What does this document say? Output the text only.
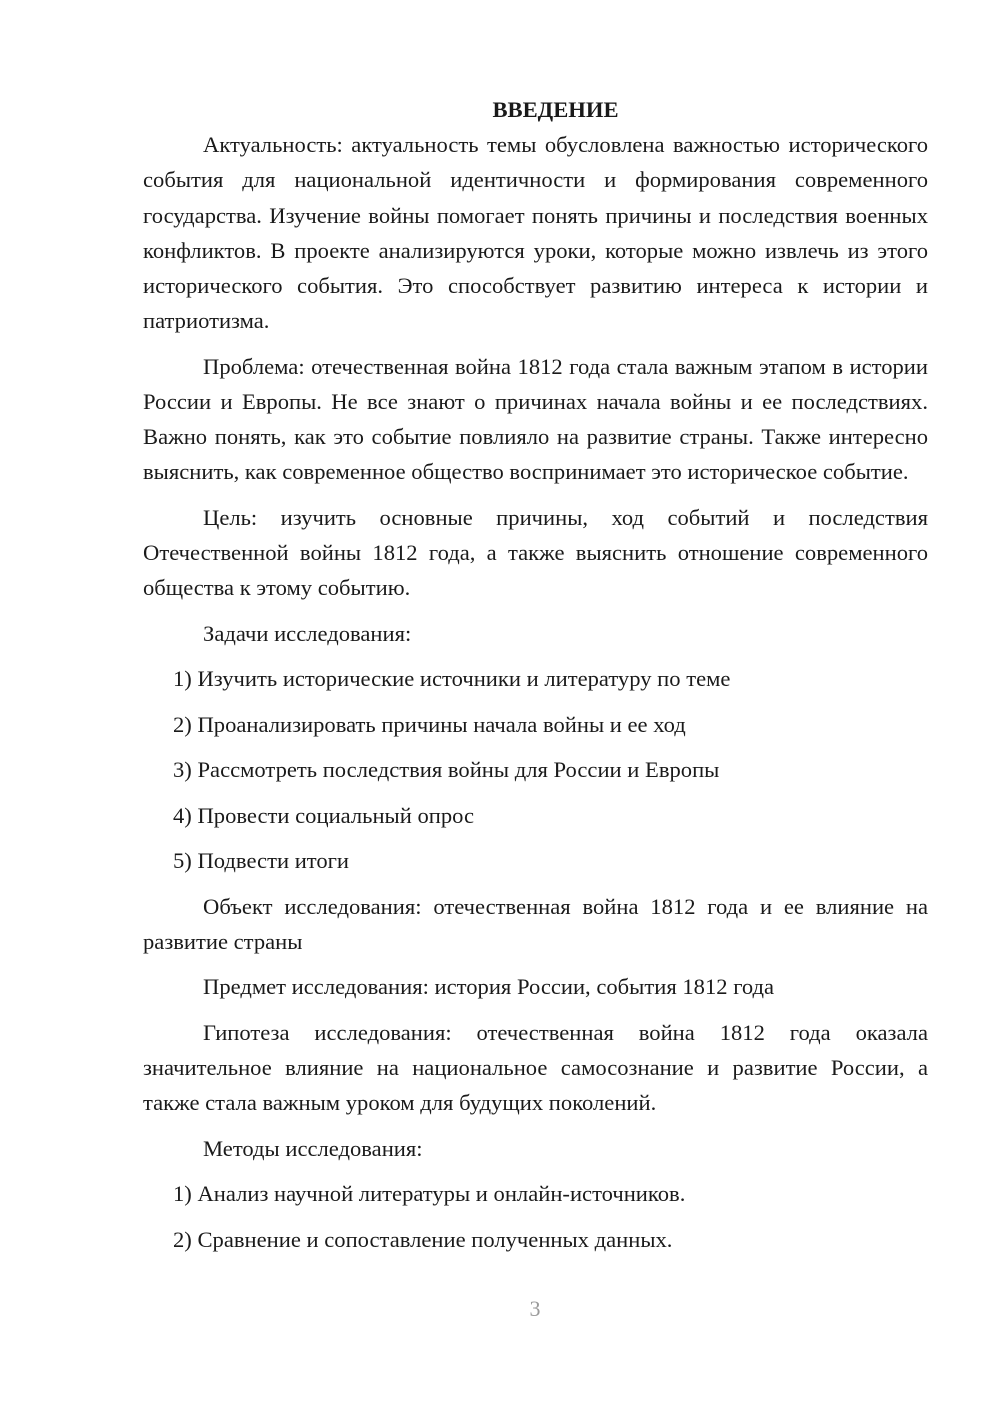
ВВЕДЕНИЕ

Актуальность: актуальность темы обусловлена важностью исторического события для национальной идентичности и формирования современного государства. Изучение войны помогает понять причины и последствия военных конфликтов. В проекте анализируются уроки, которые можно извлечь из этого исторического события. Это способствует развитию интереса к истории и патриотизма.

Проблема: отечественная война 1812 года стала важным этапом в истории России и Европы. Не все знают о причинах начала войны и ее последствиях. Важно понять, как это событие повлияло на развитие страны. Также интересно выяснить, как современное общество воспринимает это историческое событие.

Цель: изучить основные причины, ход событий и последствия Отечественной войны 1812 года, а также выяснить отношение современного общества к этому событию.

Задачи исследования:

1) Изучить исторические источники и литературу по теме

2) Проанализировать причины начала войны и ее ход

3) Рассмотреть последствия войны для России и Европы

4) Провести социальный опрос

5) Подвести итоги

Объект исследования: отечественная война 1812 года и ее влияние на развитие страны

Предмет исследования: история России, события 1812 года

Гипотеза исследования: отечественная война 1812 года оказала значительное влияние на национальное самосознание и развитие России, а также стала важным уроком для будущих поколений.

Методы исследования:

1) Анализ научной литературы и онлайн-источников.

2) Сравнение и сопоставление полученных данных.

3
